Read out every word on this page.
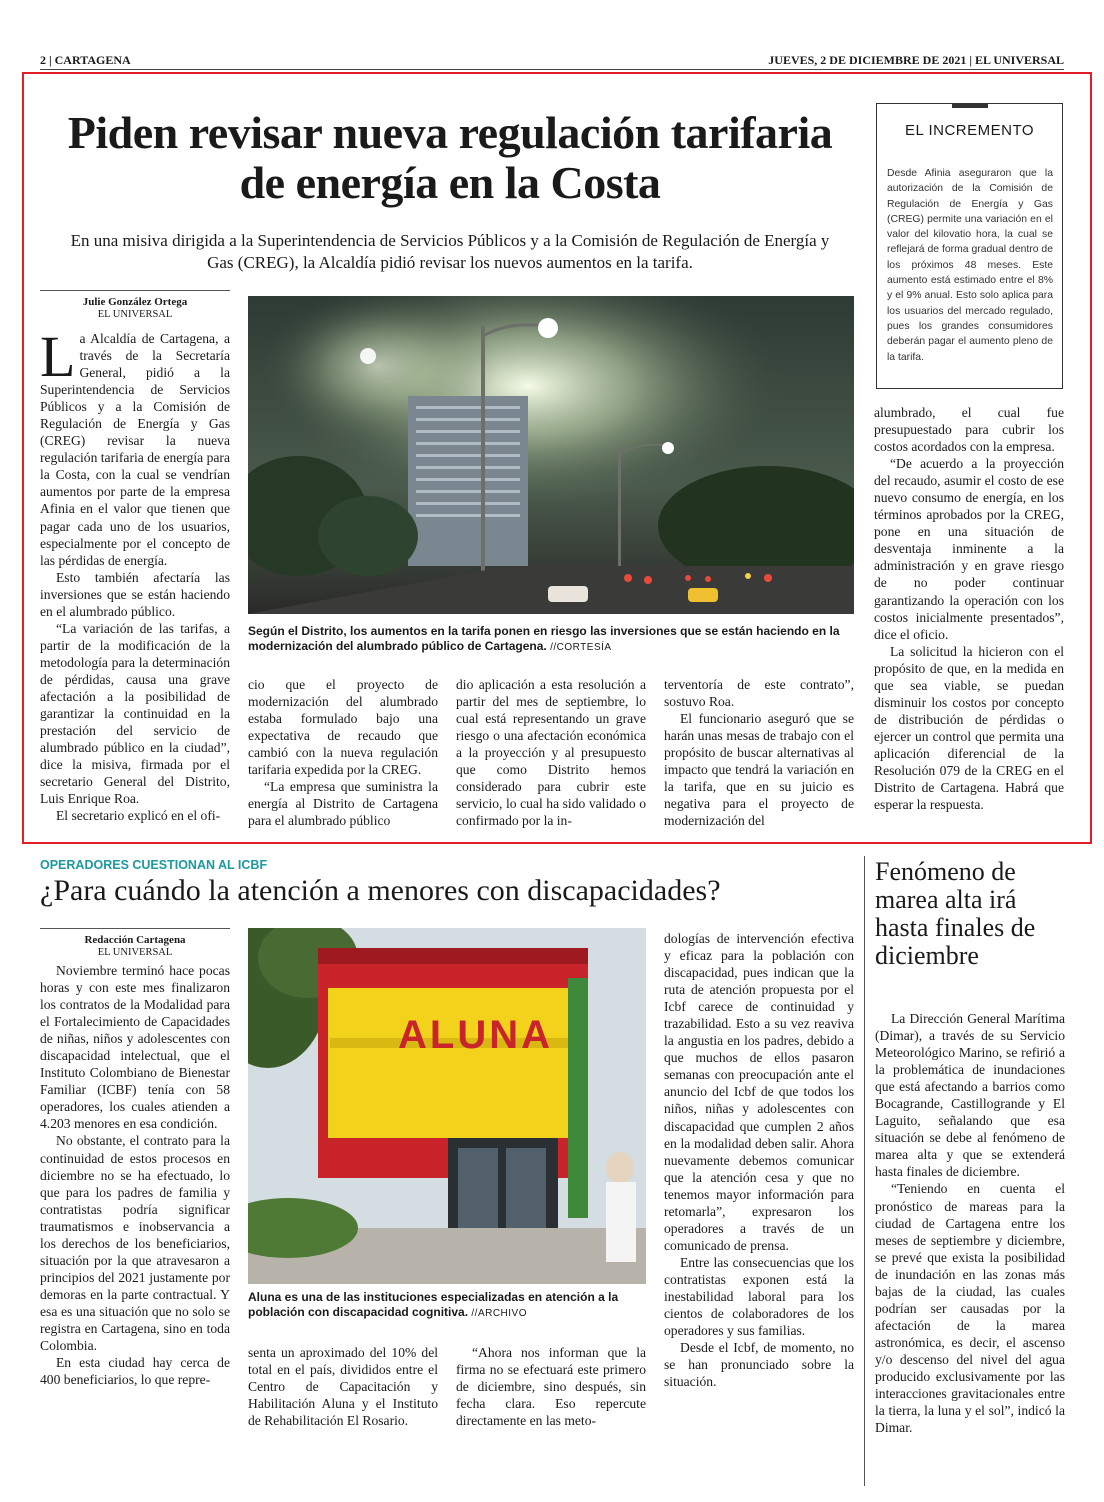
2 | CARTAGENA	JUEVES, 2 DE DICIEMBRE DE 2021 | EL UNIVERSAL
Piden revisar nueva regulación tarifaria de energía en la Costa
En una misiva dirigida a la Superintendencia de Servicios Públicos y a la Comisión de Regulación de Energía y Gas (CREG), la Alcaldía pidió revisar los nuevos aumentos en la tarifa.
Julie González Ortega
EL UNIVERSAL

La Alcaldía de Cartagena, a través de la Secretaría General, pidió a la Superintendencia de Servicios Públicos y a la Comisión de Regulación de Energía y Gas (CREG) revisar la nueva regulación tarifaria de energía para la Costa, con la cual se vendrían aumentos por parte de la empresa Afinia en el valor que tienen que pagar cada uno de los usuarios, especialmente por el concepto de las pérdidas de energía.

Esto también afectaría las inversiones que se están haciendo en el alumbrado público.

“La variación de las tarifas, a partir de la modificación de la metodología para la determinación de pérdidas, causa una grave afectación a la posibilidad de garantizar la continuidad en la prestación del servicio de alumbrado público en la ciudad”, dice la misiva, firmada por el secretario General del Distrito, Luis Enrique Roa.

El secretario explicó en el ofi-

Según el Distrito, los aumentos en la tarifa ponen en riesgo las inversiones que se están haciendo en la modernización del alumbrado público de Cartagena. //CORTESÍA

cio que el proyecto de modernización del alumbrado estaba formulado bajo una expectativa de recaudo que cambió con la nueva regulación tarifaria expedida por la CREG.

“La empresa que suministra la energía al Distrito de Cartagena para el alumbrado público

dio aplicación a esta resolución a partir del mes de septiembre, lo cual está representando un grave riesgo o una afectación económica a la proyección y al presupuesto que como Distrito hemos considerado para cubrir este servicio, lo cual ha sido validado o confirmado por la in-

terventoría de este contrato”, sostuvo Roa.

El funcionario aseguró que se harán unas mesas de trabajo con el propósito de buscar alternativas al impacto que tendrá la variación en la tarifa, que en su juicio es negativa para el proyecto de modernización del

EL INCREMENTO
Desde Afinia aseguraron que la autorización de la Comisión de Regulación de Energía y Gas (CREG) permite una variación en el valor del kilovatio hora, la cual se reflejará de forma gradual dentro de los próximos 48 meses. Este aumento está estimado entre el 8% y el 9% anual. Esto solo aplica para los usuarios del mercado regulado, pues los grandes consumidores deberán pagar el aumento pleno de la tarifa.

alumbrado, el cual fue presupuestado para cubrir los costos acordados con la empresa.

“De acuerdo a la proyección del recaudo, asumir el costo de ese nuevo consumo de energía, en los términos aprobados por la CREG, pone en una situación de desventaja inminente a la administración y en grave riesgo de no poder continuar garantizando la operación con los costos inicialmente presentados”, dice el oficio.

La solicitud la hicieron con el propósito de que, en la medida en que sea viable, se puedan disminuir los costos por concepto de distribución de pérdidas o ejercer un control que permita una aplicación diferencial de la Resolución 079 de la CREG en el Distrito de Cartagena. Habrá que esperar la respuesta.

OPERADORES CUESTIONAN AL ICBF
¿Para cuándo la atención a menores con discapacidades?
Redacción Cartagena
EL UNIVERSAL

Noviembre terminó hace pocas horas y con este mes finalizaron los contratos de la Modalidad para el Fortalecimiento de Capacidades de niñas, niños y adolescentes con discapacidad intelectual, que el Instituto Colombiano de Bienestar Familiar (ICBF) tenía con 58 operadores, los cuales atienden a 4.203 menores en esa condición.

No obstante, el contrato para la continuidad de estos procesos en diciembre no se ha efectuado, lo que para los padres de familia y contratistas podría significar traumatismos e inobservancia a los derechos de los beneficiarios, situación por la que atravesaron a principios del 2021 justamente por demoras en la parte contractual. Y esa es una situación que no solo se registra en Cartagena, sino en toda Colombia.

En esta ciudad hay cerca de 400 beneficiarios, lo que repre-

ALUNA
Aluna es una de las instituciones especializadas en atención a la población con discapacidad cognitiva. //ARCHIVO

senta un aproximado del 10% del total en el país, divididos entre el Centro de Capacitación y Habilitación Aluna y el Instituto de Rehabilitación El Rosario.

“Ahora nos informan que la firma no se efectuará este primero de diciembre, sino después, sin fecha clara. Eso repercute directamente en las meto-

dologías de intervención efectiva y eficaz para la población con discapacidad, pues indican que la ruta de atención propuesta por el Icbf carece de continuidad y trazabilidad. Esto a su vez reaviva la angustia en los padres, debido a que muchos de ellos pasaron semanas con preocupación ante el anuncio del Icbf de que todos los niños, niñas y adolescentes con discapacidad que cumplen 2 años en la modalidad deben salir. Ahora nuevamente debemos comunicar que la atención cesa y que no tenemos mayor información para retomarla”, expresaron los operadores a través de un comunicado de prensa.

Entre las consecuencias que los contratistas exponen está la inestabilidad laboral para los cientos de colaboradores de los operadores y sus familias.

Desde el Icbf, de momento, no se han pronunciado sobre la situación.

Fenómeno de marea alta irá hasta finales de diciembre

La Dirección General Marítima (Dimar), a través de su Servicio Meteorológico Marino, se refirió a la problemática de inundaciones que está afectando a barrios como Bocagrande, Castillogrande y El Laguito, señalando que esa situación se debe al fenómeno de marea alta y que se extenderá hasta finales de diciembre.

“Teniendo en cuenta el pronóstico de mareas para la ciudad de Cartagena entre los meses de septiembre y diciembre, se prevé que exista la posibilidad de inundación en las zonas más bajas de la ciudad, las cuales podrían ser causadas por la afectación de la marea astronómica, es decir, el ascenso y/o descenso del nivel del agua producido exclusivamente por las interacciones gravitacionales entre la tierra, la luna y el sol”, indicó la Dimar.
